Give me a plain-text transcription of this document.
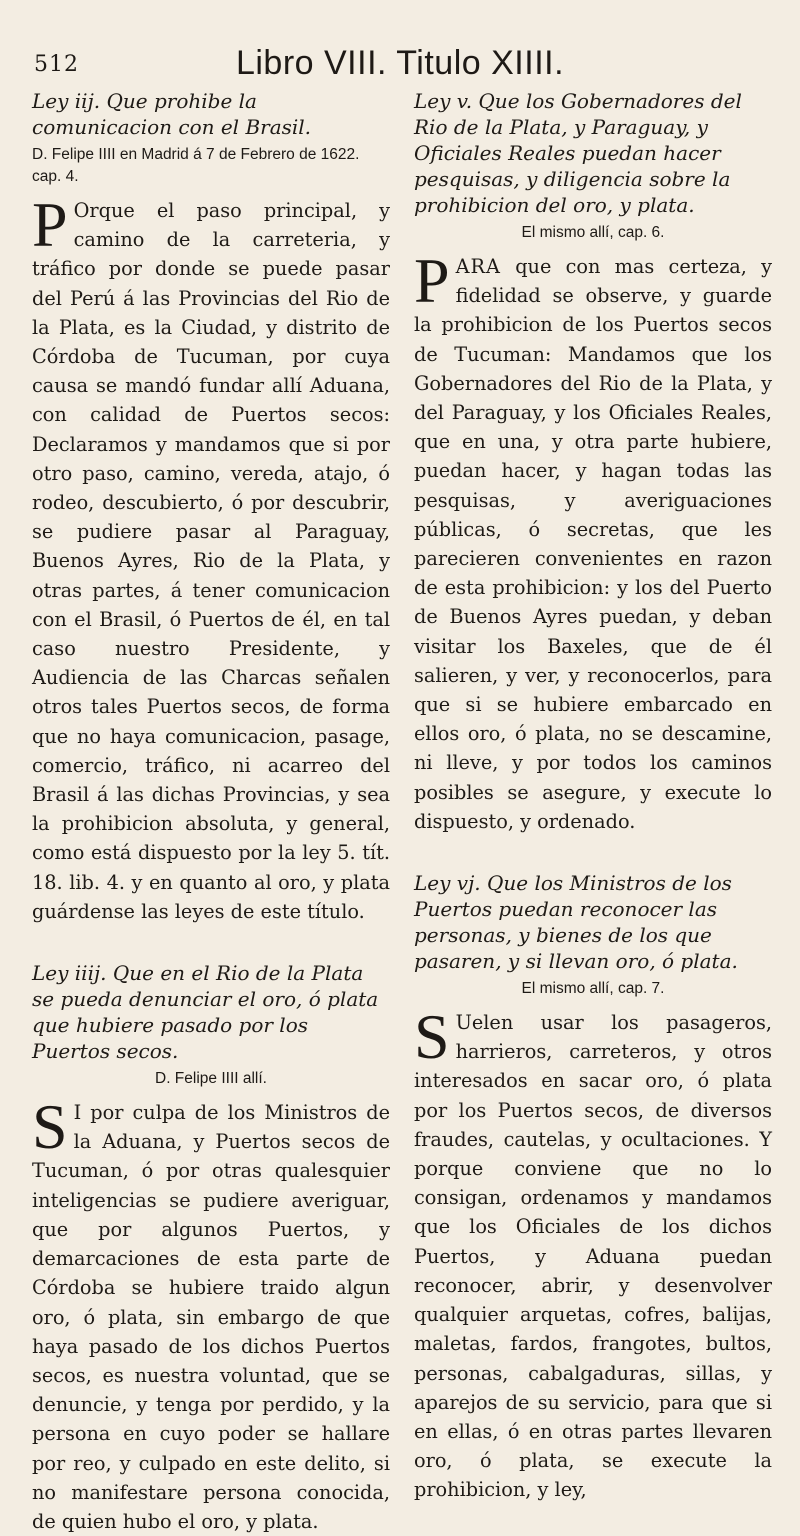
512	Libro VIII. Titulo XIIII.

Ley iij. Que prohibe la comunicacion con el Brasil.

D. Felipe IIII en Madrid á 7 de Febrero de 1622. cap. 4.

P Orque el paso principal, y camino de la carreteria, y tráfico por donde se puede pasar del Perú á las Provincias del Rio de la Plata, es la Ciudad, y distrito de Córdoba de Tucuman, por cuya causa se mandó fundar allí Aduana, con calidad de Puertos secos: Declaramos y mandamos que si por otro paso, camino, vereda, atajo, ó rodeo, descubierto, ó por descubrir, se pudiere pasar al Paraguay, Buenos Ayres, Rio de la Plata, y otras partes, á tener comunicacion con el Brasil, ó Puertos de él, en tal caso nuestro Presidente, y Audiencia de las Charcas señalen otros tales Puertos secos, de forma que no haya comunicacion, pasage, comercio, tráfico, ni acarreo del Brasil á las dichas Provincias, y sea la prohibicion absoluta, y general, como está dispuesto por la ley 5. tít. 18. lib. 4. y en quanto al oro, y plata guárdense las leyes de este título.

Ley iiij. Que en el Rio de la Plata se pueda denunciar el oro, ó plata que hubiere pasado por los Puertos secos.

D. Felipe IIII allí.

S I por culpa de los Ministros de la Aduana, y Puertos secos de Tucuman, ó por otras qualesquier inteligencias se pudiere averiguar, que por algunos Puertos, y demarcaciones de esta parte de Córdoba se hubiere traido algun oro, ó plata, sin embargo de que haya pasado de los dichos Puertos secos, es nuestra voluntad, que se denuncie, y tenga por perdido, y la persona en cuyo poder se hallare por reo, y culpado en este delito, si no manifestare persona conocida, de quien hubo el oro, y plata.

Ley v. Que los Gobernadores del Rio de la Plata, y Paraguay, y Oficiales Reales puedan hacer pesquisas, y diligencia sobre la prohibicion del oro, y plata.

El mismo allí, cap. 6.

PARA que con mas certeza, y fidelidad se observe, y guarde la prohibicion de los Puertos secos de Tucuman: Mandamos que los Gobernadores del Rio de la Plata, y del Paraguay, y los Oficiales Reales, que en una, y otra parte hubiere, puedan hacer, y hagan todas las pesquisas, y averiguaciones públicas, ó secretas, que les parecieren convenientes en razon de esta prohibicion: y los del Puerto de Buenos Ayres puedan, y deban visitar los Baxeles, que de él salieren, y ver, y reconocerlos, para que si se hubiere embarcado en ellos oro, ó plata, no se descamine, ni lleve, y por todos los caminos posibles se asegure, y execute lo dispuesto, y ordenado.

Ley vj. Que los Ministros de los Puertos puedan reconocer las personas, y bienes de los que pasaren, y si llevan oro, ó plata.

El mismo allí, cap. 7.

S Uelen usar los pasageros, harrieros, carreteros, y otros interesados en sacar oro, ó plata por los Puertos secos, de diversos fraudes, cautelas, y ocultaciones. Y porque conviene que no lo consigan, ordenamos y mandamos que los Oficiales de los dichos Puertos, y Aduana puedan reconocer, abrir, y desenvolver qualquier arquetas, cofres, balijas, maletas, fardos, frangotes, bultos, personas, cabalgaduras, sillas, y aparejos de su servicio, para que si en ellas, ó en otras partes llevaren oro, ó plata, se execute la prohibicion, y ley,
